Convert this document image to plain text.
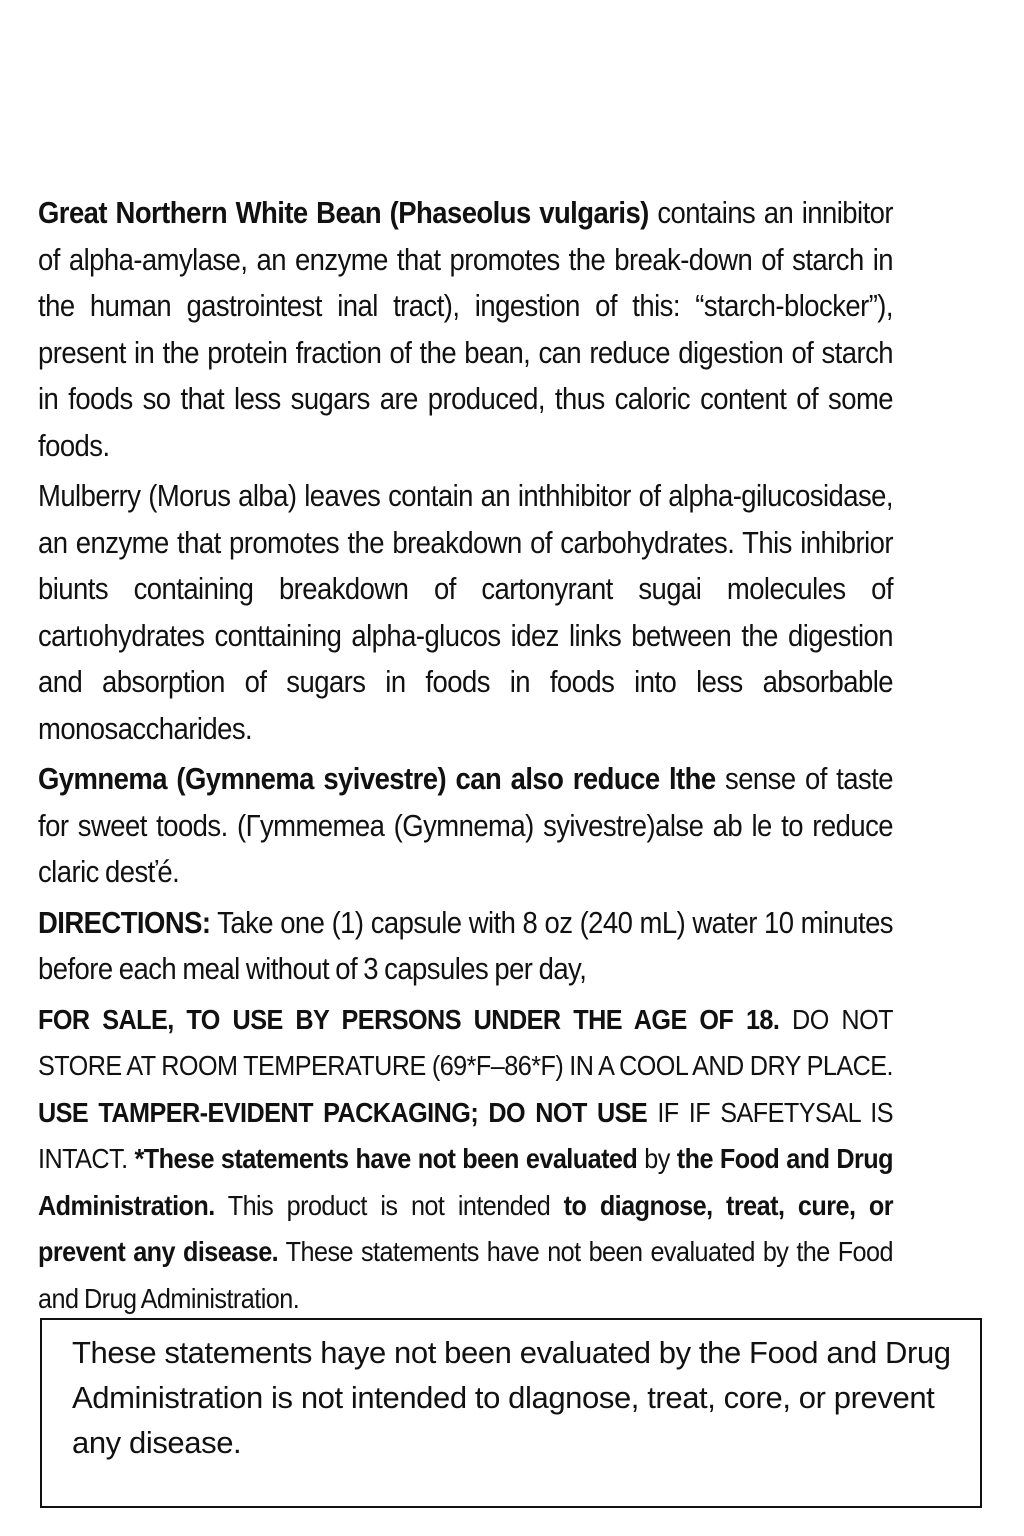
Great Northern White Bean (Phaseolus vulgaris) contains an innibitor of alpha-amylase, an enzyme that promotes the break-down of starch in the human gastrointest inal tract), ingestion of this: “starch-blocker”), present in the protein fraction of the bean, can reduce digestion of starch in foods so that less sugars are produced, thus caloric content of some foods.

Mulberry (Morus alba) leaves contain an inthhibitor of alpha-gilucosidase, an enzyme that promotes the breakdown of carbohydrates. This inhibrior biunts containing breakdown of cartonyrant sugai molecules of cartıohydrates conttaining alpha-glucos idez links between the digestion and absorption of sugars in foods in foods into less absorbable monosaccharides.

Gymnema (Gymnema syivestre) can also reduce lthe sense of taste for sweet toods. (Гymmemea (Gymnema) syivestre)alse ab le to reduce claric desťé.

DIRECTIONS: Take one (1) capsule with 8 oz (240 mL) water 10 minutes before each meal without of 3 capsules per day,

FOR SALE, TO USE BY PERSONS UNDER THE AGE OF 18. DO NOT STORE AT ROOM TEMPERATURE (69*F–86*F) IN A COOL AND DRY PLACE. USE TAMPER-EVIDENT PACKAGING; DO NOT USE IF IF SAFETYSAL IS INTACT. *These statements have not been evaluated by the Food and Drug Administration. This product is not intended to diagnose, treat, cure, or prevent any disease. These statements have not been evaluated by the Food and Drug Administration.

These statements haye not been evaluated by the Food and Drug Administration is not intended to dlagnose, treat, core, or prevent any disease.
